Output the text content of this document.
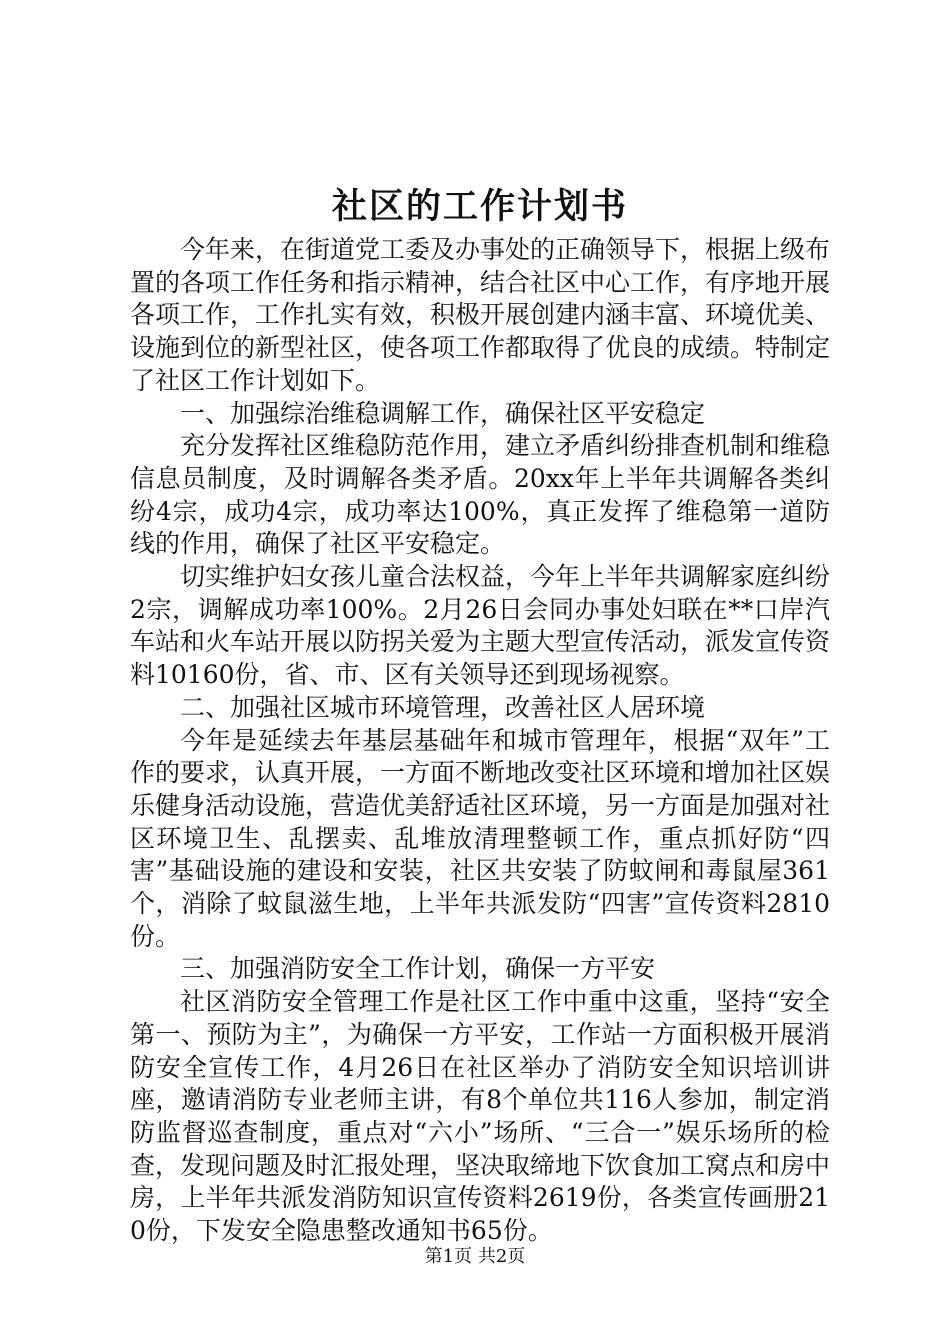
社区的工作计划书

今年来，在街道党工委及办事处的正确领导下，根据上级布置的各项工作任务和指示精神，结合社区中心工作，有序地开展各项工作，工作扎实有效，积极开展创建内涵丰富、环境优美、设施到位的新型社区，使各项工作都取得了优良的成绩。特制定了社区工作计划如下。

一、加强综治维稳调解工作，确保社区平安稳定

充分发挥社区维稳防范作用，建立矛盾纠纷排查机制和维稳信息员制度，及时调解各类矛盾。20xx年上半年共调解各类纠纷4宗，成功4宗，成功率达100%，真正发挥了维稳第一道防线的作用，确保了社区平安稳定。

切实维护妇女孩儿童合法权益，今年上半年共调解家庭纠纷2宗，调解成功率100%。2月26日会同办事处妇联在**口岸汽车站和火车站开展以防拐关爱为主题大型宣传活动，派发宣传资料10160份，省、市、区有关领导还到现场视察。

二、加强社区城市环境管理，改善社区人居环境

今年是延续去年基层基础年和城市管理年，根据“双年”工作的要求，认真开展，一方面不断地改变社区环境和增加社区娱乐健身活动设施，营造优美舒适社区环境，另一方面是加强对社区环境卫生、乱摆卖、乱堆放清理整顿工作，重点抓好防“四害”基础设施的建设和安装，社区共安装了防蚊闸和毒鼠屋361个，消除了蚊鼠滋生地，上半年共派发防“四害”宣传资料2810份。

三、加强消防安全工作计划，确保一方平安

社区消防安全管理工作是社区工作中重中这重，坚持“安全第一、预防为主”，为确保一方平安，工作站一方面积极开展消防安全宣传工作，4月26日在社区举办了消防安全知识培训讲座，邀请消防专业老师主讲，有8个单位共116人参加，制定消防监督巡查制度，重点对“六小”场所、“三合一”娱乐场所的检查，发现问题及时汇报处理，坚决取缔地下饮食加工窝点和房中房，上半年共派发消防知识宣传资料2619份，各类宣传画册210份，下发安全隐患整改通知书65份。

第1页 共2页
